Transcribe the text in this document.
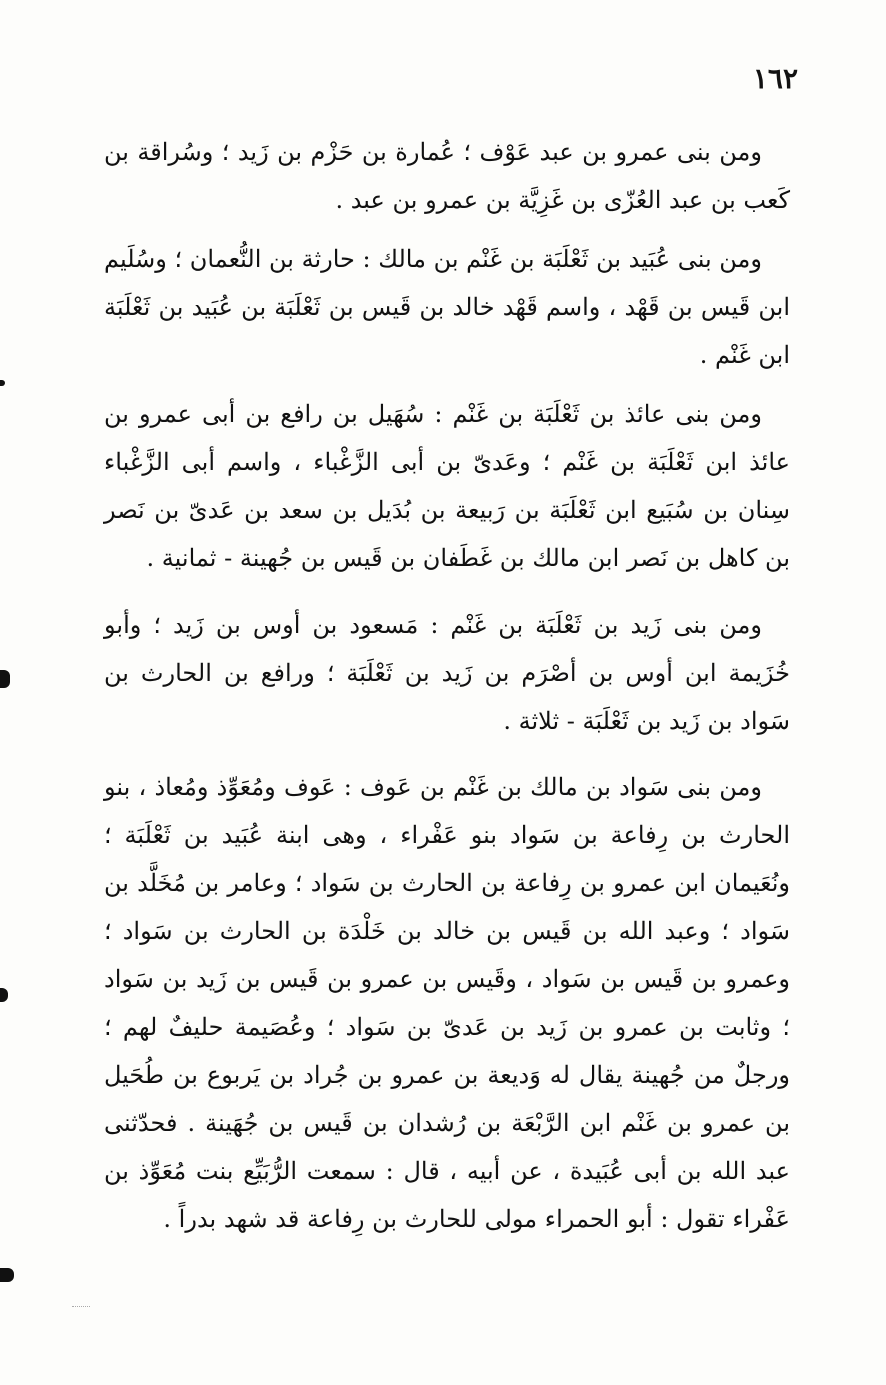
١٦٢

ومن بنى عمرو بن عبد عَوْف ؛ عُمارة بن حَزْم بن زَيد ؛ وسُراقة بن كَعب بن عبد العُزّى بن غَزِيَّة بن عمرو بن عبد .

ومن بنى عُبَيد بن ثَعْلَبَة بن غَنْم بن مالك : حارثة بن النُّعمان ؛ وسُلَيم ابن قَيس بن قَهْد ، واسم قَهْد خالد بن قَيس بن ثَعْلَبَة بن عُبَيد بن ثَعْلَبَة ابن غَنْم .

ومن بنى عائذ بن ثَعْلَبَة بن غَنْم : سُهَيل بن رافع بن أبى عمرو بن عائذ ابن ثَعْلَبَة بن غَنْم ؛ وعَدىّ بن أبى الزَّغْباء ، واسم أبى الزَّغْباء سِنان بن سُبَيع ابن ثَعْلَبَة بن رَبيعة بن بُدَيل بن سعد بن عَدىّ بن نَصر بن كاهل بن نَصر ابن مالك بن غَطَفان بن قَيس بن جُهينة - ثمانية .

ومن بنى زَيد بن ثَعْلَبَة بن غَنْم : مَسعود بن أوس بن زَيد ؛ وأبو خُزَيمة ابن أوس بن أصْرَم بن زَيد بن ثَعْلَبَة ؛ ورافع بن الحارث بن سَواد بن زَيد بن ثَعْلَبَة - ثلاثة .

ومن بنى سَواد بن مالك بن غَنْم بن عَوف : عَوف ومُعَوِّذ ومُعاذ ، بنو الحارث بن رِفاعة بن سَواد بنو عَفْراء ، وهى ابنة عُبَيد بن ثَعْلَبَة ؛ ونُعَيمان ابن عمرو بن رِفاعة بن الحارث بن سَواد ؛ وعامر بن مُخَلَّد بن سَواد ؛ وعبد الله بن قَيس بن خالد بن خَلْدَة بن الحارث بن سَواد ؛ وعمرو بن قَيس بن سَواد ، وقَيس بن عمرو بن قَيس بن زَيد بن سَواد ؛ وثابت بن عمرو بن زَيد بن عَدىّ بن سَواد ؛ وعُصَيمة حليفٌ لهم ؛ ورجلٌ من جُهينة يقال له وَديعة بن عمرو بن جُراد بن يَربوع بن طُحَيل بن عمرو بن غَنْم ابن الرَّبْعَة بن رُشدان بن قَيس بن جُهَينة . فحدّثنى عبد الله بن أبى عُبَيدة ، عن أبيه ، قال : سمعت الرُّبَيِّع بنت مُعَوِّذ بن عَفْراء تقول : أبو الحمراء مولى للحارث بن رِفاعة قد شهد بدراً .
